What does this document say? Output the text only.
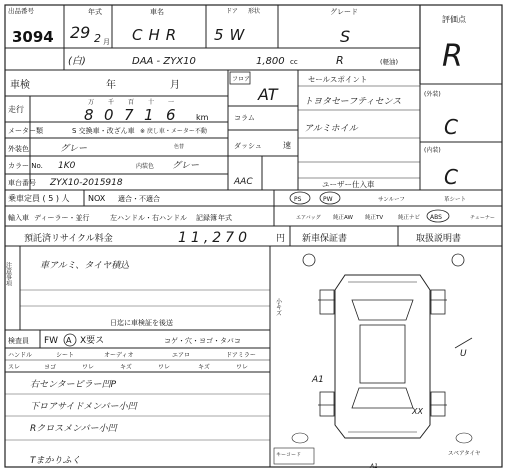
出品番号
3094
年式
29 2 月
車名
CHR
ドア 形状
5W
グレード
S
評価点
R
(白)	DAA - ZYX10	1,800 cc	R	(軽油)
車検	年	月
走行
万 千 百 十 一
8 0 7 1 6	km
メーター類	S 交換車・改ざん車 ※ 戻し車・メーター不動
外装色	グレー	色替
カラー No. 1K0	内装色 グレー
車台番号 ZYX10-2015918
フロア
AT
コラム
ダッシュ	速
AAC
セールスポイント
トヨタセーフティセンス
アルミホイル
ユーザー仕入車
(外装)
C
(内装)
C
乗車定員 ( 5 ) 人 NOX 適合・不適合
輸入車 ディーラー・並行	左ハンドル・右ハンドル 記録簿 年式
PS	PW	サンルーフ	革シート
エアバッグ 純正AW 純正TV	純正ナビ ABS	チューナー
預託済リサイクル料金	11,270	円 新車保証書	取扱説明書
注意事項	車アルミ、タイヤ積込
日迄に車検証を後送
検査員 FW A X要ス	コゲ・穴・ヨゴ・タバコ
ハンドル	シート	オーディオ	エアロ	ドアミラー
スレ	ヨゴ	ワレ	キズ	ワレ	キズ	ワレ
右センターピラー凹P
下ロアサイドメンバー小凹
Rクロスメンバー小凹
Tまかりふく
小キズ
スペアタイヤ
キーコード
A1
A1
XX
U
